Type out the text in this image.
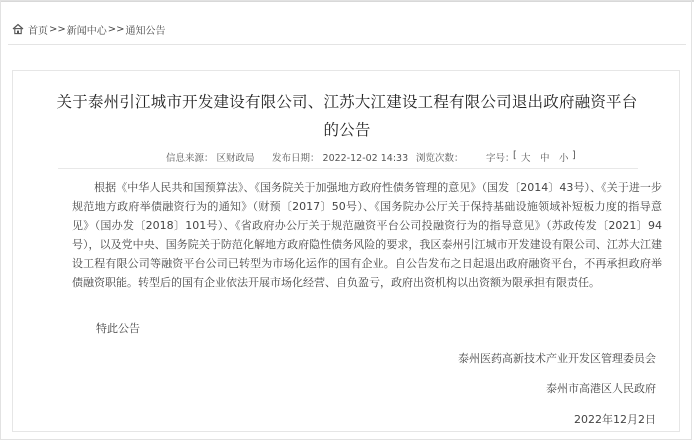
首页 >> 新闻中心 >> 通知公告
关于泰州引江城市开发建设有限公司、江苏大江建设工程有限公司退出政府融资平台
的公告
信息来源： 区财政局 发布日期： 2022-12-02 14:33 浏览次数： 字号：
[ 大 中 小 ]

根据《中华人民共和国预算法》、《国务院关于加强地方政府性债务管理的意见》（国发〔2014〕43号）、《关于进一步规范地方政府举债融资行为的通知》（财预〔2017〕50号）、《国务院办公厅关于保持基础设施领域补短板力度的指导意见》（国办发〔2018〕101号）、《省政府办公厅关于规范融资平台公司投融资行为的指导意见》（苏政传发〔2021〕94号），以及党中央、国务院关于防范化解地方政府隐性债务风险的要求，我区泰州引江城市开发建设有限公司、江苏大江建设工程有限公司等融资平台公司已转型为市场化运作的国有企业。自公告发布之日起退出政府融资平台，不再承担政府举债融资职能。转型后的国有企业依法开展市场化经营、自负盈亏，政府出资机构以出资额为限承担有限责任。

特此公告

泰州医药高新技术产业开发区管理委员会

泰州市高港区人民政府

2022年12月2日
